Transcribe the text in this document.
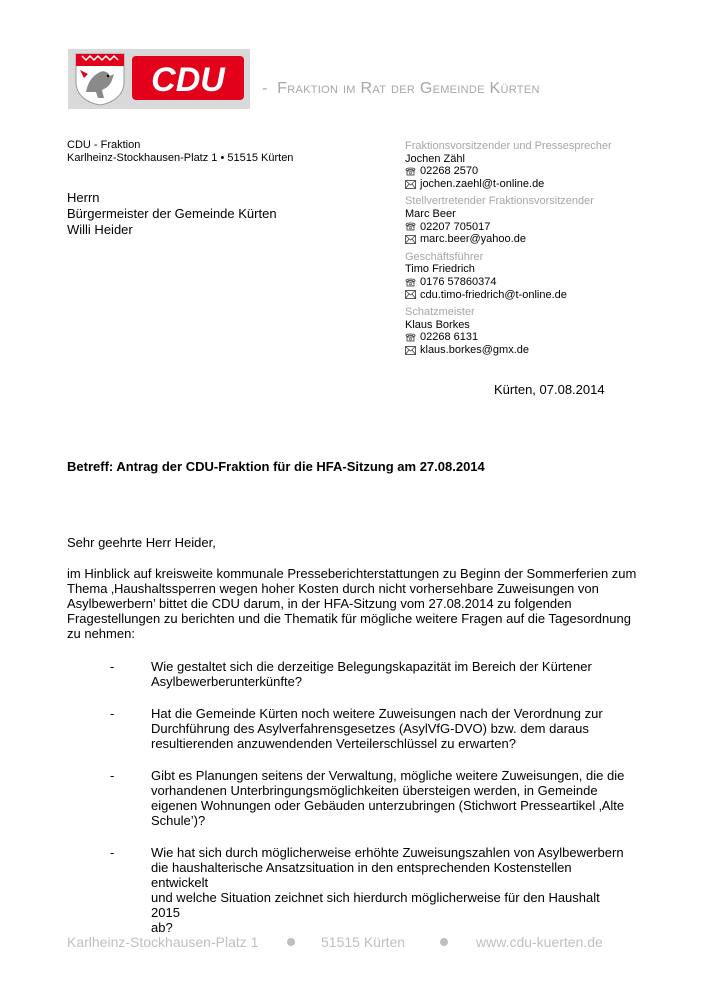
CDU - Fraktion im Rat der Gemeinde Kürten
CDU - Fraktion
Karlheinz-Stockhausen-Platz 1 • 51515 Kürten
Herrn
Bürgermeister der Gemeinde Kürten
Willi Heider
Fraktionsvorsitzender und Pressesprecher
Jochen Zähl
02268 2570
jochen.zaehl@t-online.de
Stellvertretender Fraktionsvorsitzender
Marc Beer
02207 705017
marc.beer@yahoo.de
Geschäftsführer
Timo Friedrich
0176 57860374
cdu.timo-friedrich@t-online.de
Schatzmeister
Klaus Borkes
02268 6131
klaus.borkes@gmx.de
Kürten, 07.08.2014
Betreff: Antrag der CDU-Fraktion für die HFA-Sitzung am 27.08.2014
Sehr geehrte Herr Heider,
im Hinblick auf kreisweite kommunale Presseberichterstattungen zu Beginn der Sommerferien zum
Thema ‚Haushaltssperren wegen hoher Kosten durch nicht vorhersehbare Zuweisungen von
Asylbewerbern’ bittet die CDU darum, in der HFA-Sitzung vom 27.08.2014 zu folgenden
Fragestellungen zu berichten und die Thematik für mögliche weitere Fragen auf die Tagesordnung
zu nehmen:
-	Wie gestaltet sich die derzeitige Belegungskapazität im Bereich der Kürtener
Asylbewerberunterkünfte?
-	Hat die Gemeinde Kürten noch weitere Zuweisungen nach der Verordnung zur
Durchführung des Asylverfahrensgesetzes (AsylVfG-DVO) bzw. dem daraus
resultierenden anzuwendenden Verteilerschlüssel zu erwarten?
-	Gibt es Planungen seitens der Verwaltung, mögliche weitere Zuweisungen, die die
vorhandenen Unterbringungsmöglichkeiten übersteigen werden, in Gemeinde
eigenen Wohnungen oder Gebäuden unterzubringen (Stichwort Presseartikel ‚Alte
Schule’)?
-	Wie hat sich durch möglicherweise erhöhte Zuweisungszahlen von Asylbewerbern
die haushalterische Ansatzsituation in den entsprechenden Kostenstellen entwickelt
und welche Situation zeichnet sich hierdurch möglicherweise für den Haushalt 2015
ab?
Karlheinz-Stockhausen-Platz 1	51515 Kürten	www.cdu-kuerten.de
